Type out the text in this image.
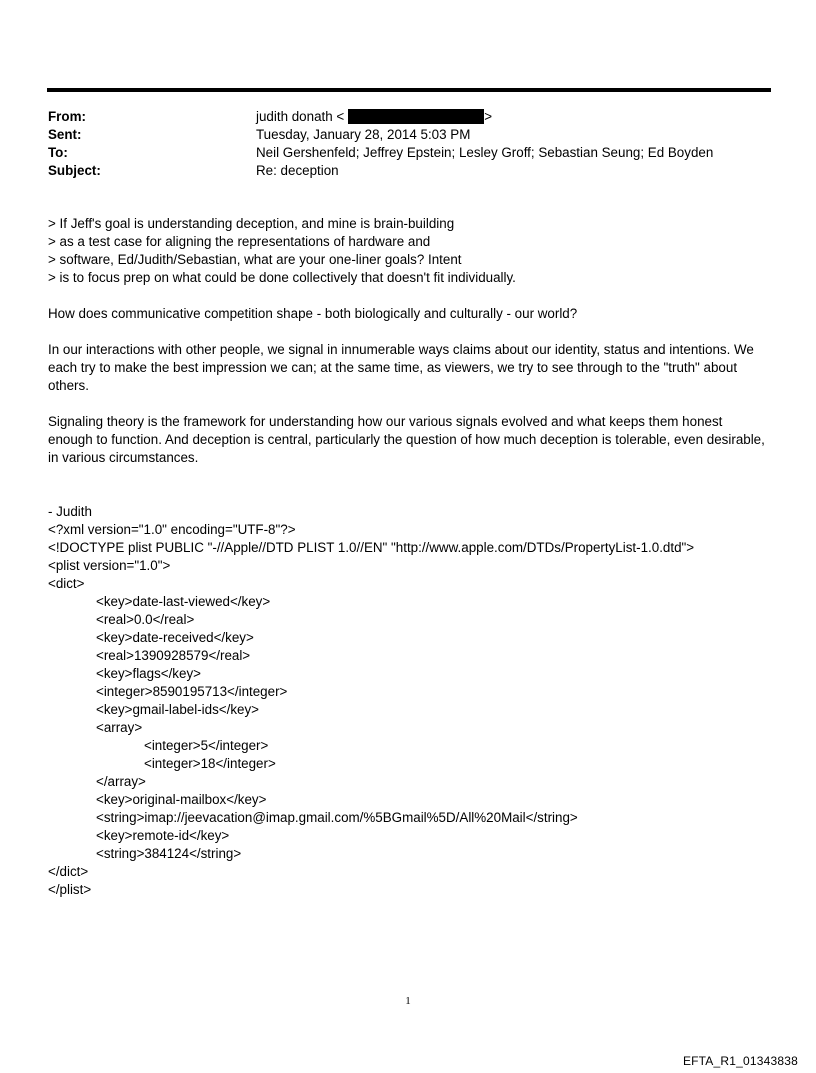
From:	judith donath <	>
Sent:	Tuesday, January 28, 2014 5:03 PM
To:	Neil Gershenfeld; Jeffrey Epstein; Lesley Groff; Sebastian Seung; Ed Boyden
Subject:	Re: deception
> If Jeff's goal is understanding deception, and mine is brain-building
> as a test case for aligning the representations of hardware and
> software, Ed/Judith/Sebastian, what are your one-liner goals? Intent
> is to focus prep on what could be done collectively that doesn't fit individually.
How does communicative competition shape - both biologically and culturally - our world?
In our interactions with other people, we signal in innumerable ways claims about our identity, status and intentions. We each try to make the best impression we can; at the same time, as viewers, we try to see through to the "truth" about others.
Signaling theory is the framework for understanding how our various signals evolved and what keeps them honest enough to function. And deception is central, particularly the question of how much deception is tolerable, even desirable, in various circumstances.
- Judith
<?xml version="1.0" encoding="UTF-8"?>
<!DOCTYPE plist PUBLIC "-//Apple//DTD PLIST 1.0//EN" "http://www.apple.com/DTDs/PropertyList-1.0.dtd">
<plist version="1.0">
<dict>
<key>date-last-viewed</key>
<real>0.0</real>
<key>date-received</key>
<real>1390928579</real>
<key>flags</key>
<integer>8590195713</integer>
<key>gmail-label-ids</key>
<array>
<integer>5</integer>
<integer>18</integer>
</array>
<key>original-mailbox</key>
<string>imap://jeevacation@imap.gmail.com/%5BGmail%5D/All%20Mail</string>
<key>remote-id</key>
<string>384124</string>
</dict>
</plist>
1
EFTA_R1_01343838
